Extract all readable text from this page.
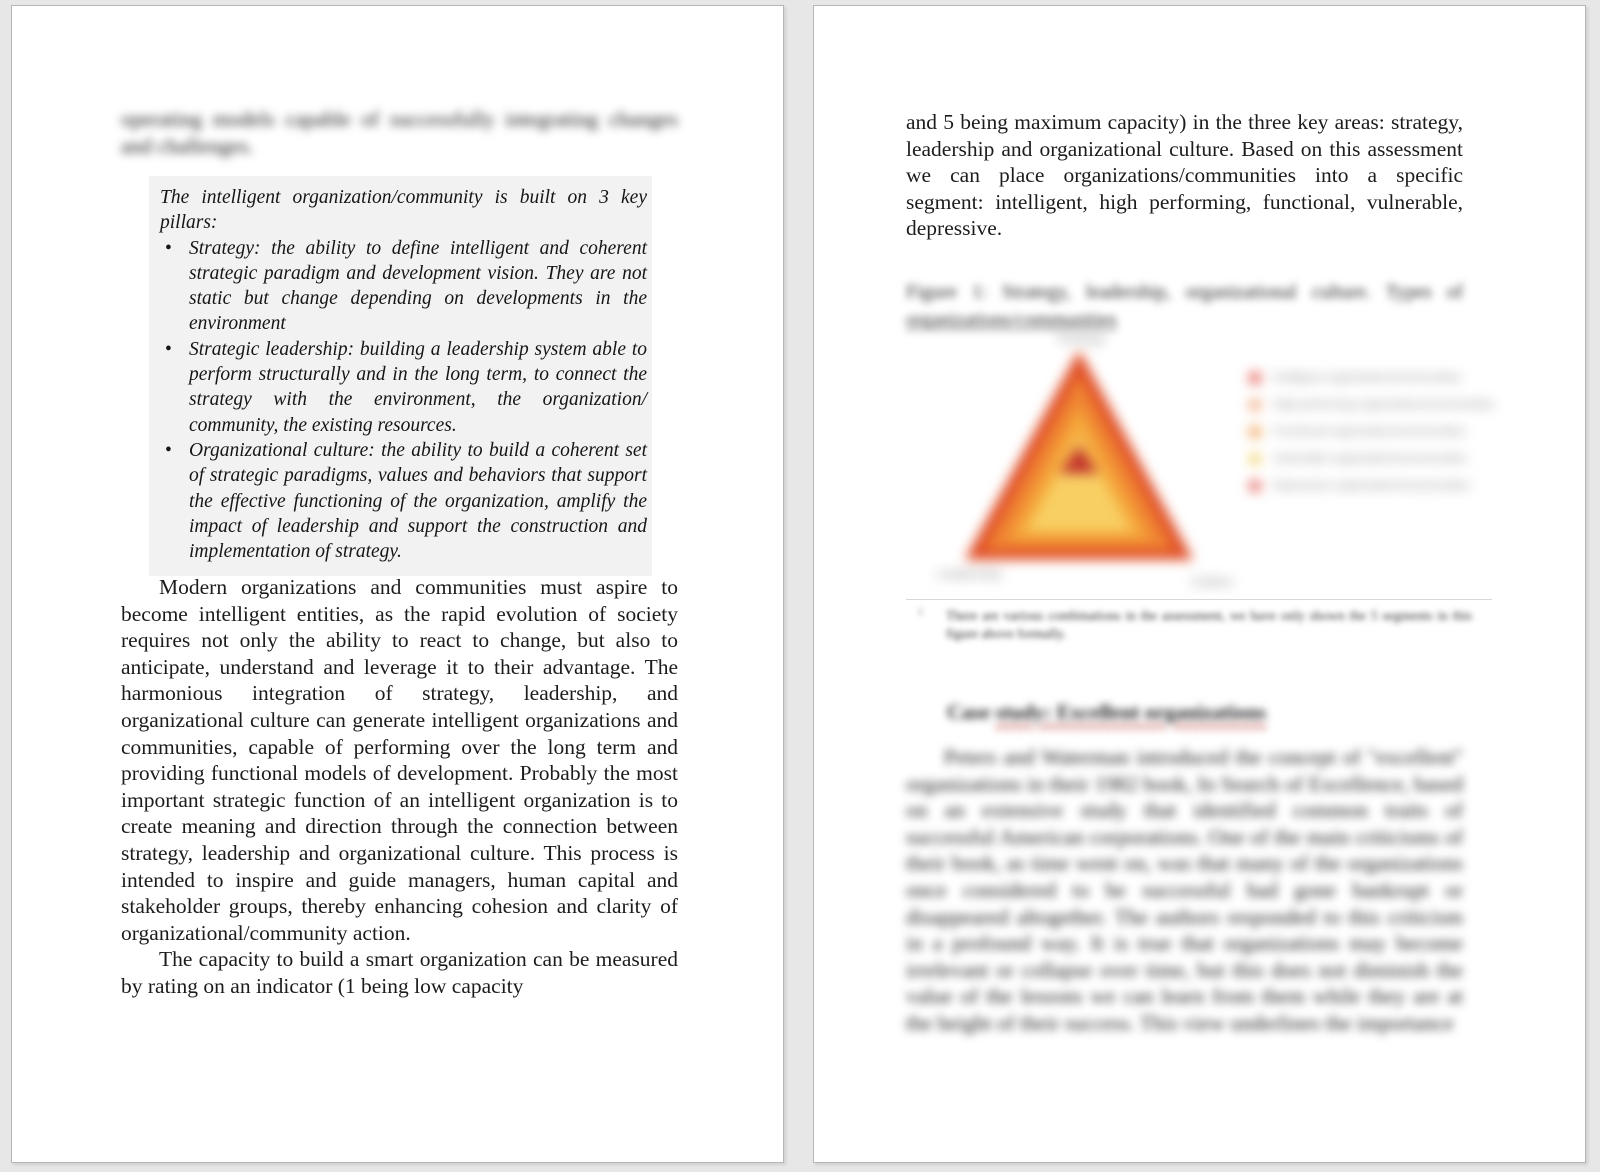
operating models capable of successfully integrating changes and challenges.
The intelligent organization/community is built on 3 key pillars:
• Strategy: the ability to define intelligent and coherent strategic paradigm and development vision. They are not static but change depending on developments in the environment
• Strategic leadership: building a leadership system able to perform structurally and in the long term, to connect the strategy with the environment, the organization/ community, the existing resources.
• Organizational culture: the ability to build a coherent set of strategic paradigms, values and behaviors that support the effective functioning of the organization, amplify the impact of leadership and support the construction and implementation of strategy.

Modern organizations and communities must aspire to become intelligent entities, as the rapid evolution of society requires not only the ability to react to change, but also to anticipate, understand and leverage it to their advantage. The harmonious integration of strategy, leadership, and organizational culture can generate intelligent organizations and communities, capable of performing over the long term and providing functional models of development. Probably the most important strategic function of an intelligent organization is to create meaning and direction through the connection between strategy, leadership and organizational culture. This process is intended to inspire and guide managers, human capital and stakeholder groups, thereby enhancing cohesion and clarity of organizational/community action.

The capacity to build a smart organization can be measured by rating on an indicator (1 being low capacity

and 5 being maximum capacity) in the three key areas: strategy, leadership and organizational culture. Based on this assessment we can place organizations/communities into a specific segment: intelligent, high performing, functional, vulnerable, depressive.
Figure 1: Strategy, leadership, organizational culture. Types of
organizations/communities
Strategy
Leadership
Culture
Intelligent organizations/communities
High performing organizations/communities
Functional organizations/communities
Vulnerable organizations/communities
Depressive organizations/communities
1 There are various combinations in the assessment, we have only shown the 5 segments in this figure above formally.
Case study: Excellent organizations

Peters and Waterman introduced the concept of "excellent" organizations in their 1982 book, In Search of Excellence, based on an extensive study that identified common traits of successful American corporations. One of the main criticisms of their book, as time went on, was that many of the organizations once considered to be successful had gone bankrupt or disappeared altogether. The authors responded to this criticism in a profound way. It is true that organizations may become irrelevant or collapse over time, but this does not diminish the value of the lessons we can learn from them while they are at the height of their success. This view underlines the importance
